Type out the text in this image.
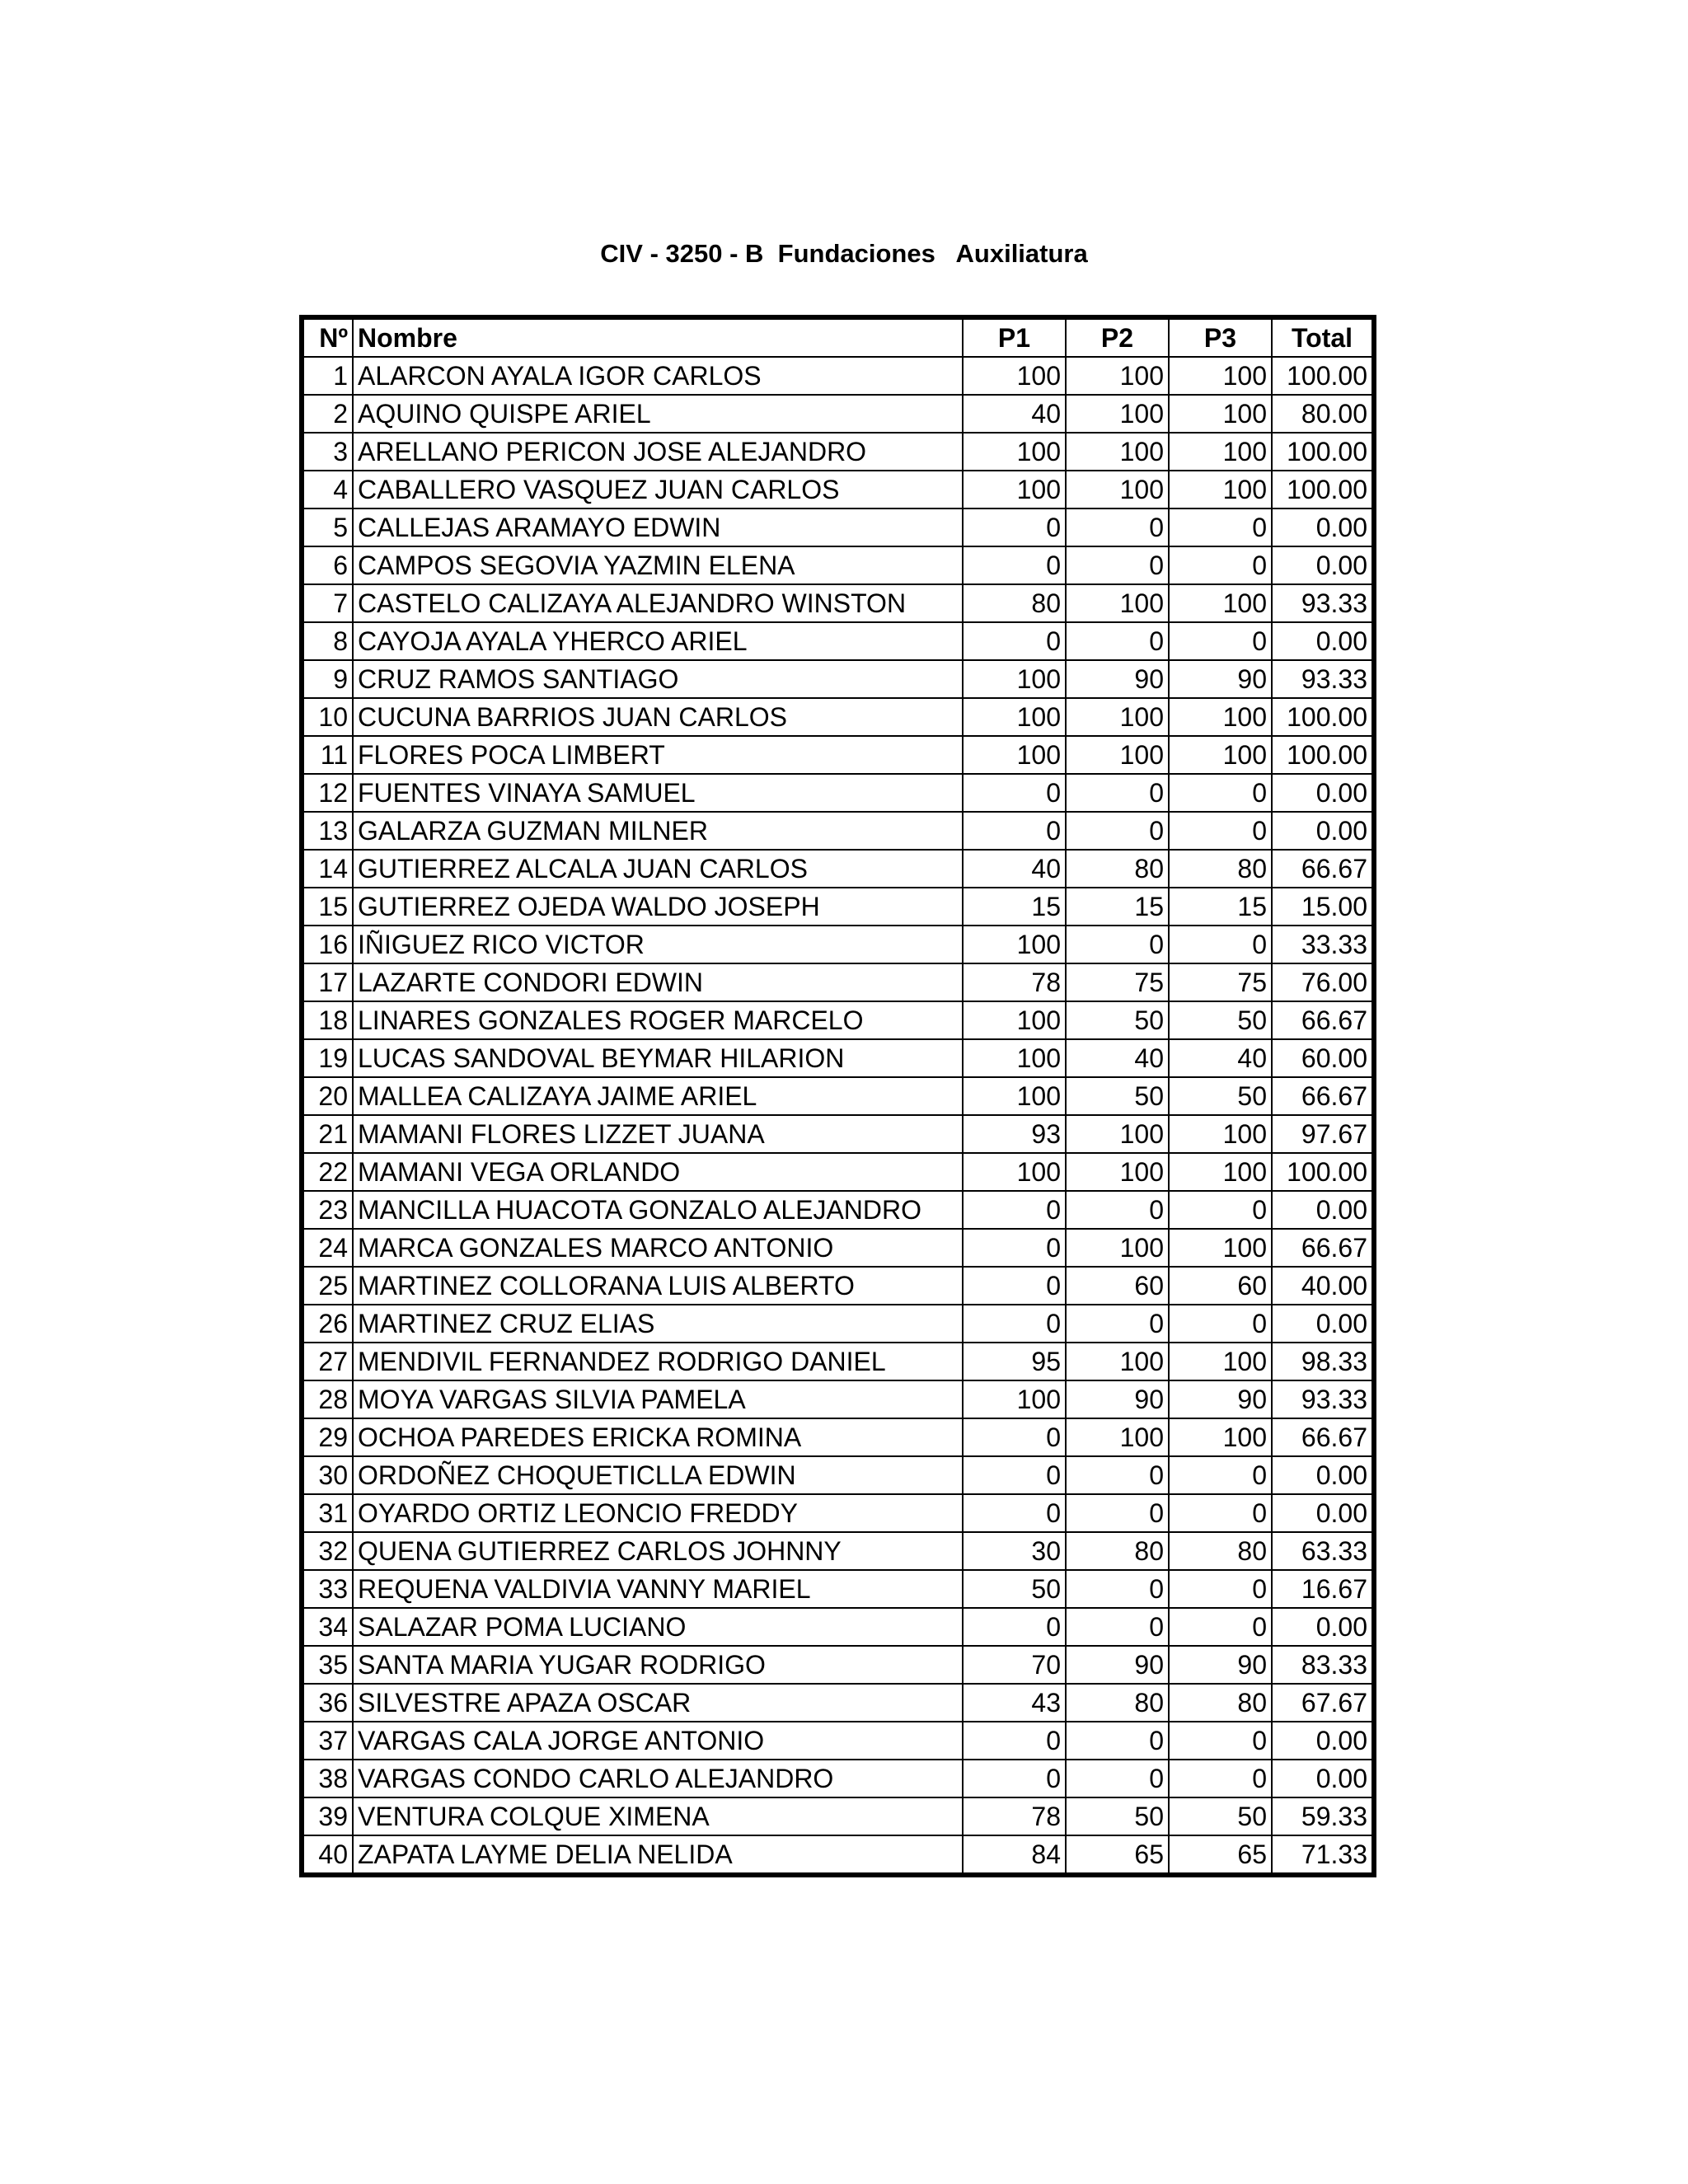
CIV - 3250 - B  Fundaciones   Auxiliatura
Nº	Nombre	P1	P2	P3	Total
1	ALARCON AYALA IGOR CARLOS	100	100	100	100.00
2	AQUINO QUISPE ARIEL	40	100	100	80.00
3	ARELLANO PERICON JOSE ALEJANDRO	100	100	100	100.00
4	CABALLERO VASQUEZ JUAN CARLOS	100	100	100	100.00
5	CALLEJAS ARAMAYO EDWIN	0	0	0	0.00
6	CAMPOS SEGOVIA YAZMIN ELENA	0	0	0	0.00
7	CASTELO CALIZAYA ALEJANDRO WINSTON	80	100	100	93.33
8	CAYOJA AYALA YHERCO ARIEL	0	0	0	0.00
9	CRUZ RAMOS SANTIAGO	100	90	90	93.33
10	CUCUNA BARRIOS JUAN CARLOS	100	100	100	100.00
11	FLORES POCA LIMBERT	100	100	100	100.00
12	FUENTES VINAYA SAMUEL	0	0	0	0.00
13	GALARZA GUZMAN MILNER	0	0	0	0.00
14	GUTIERREZ ALCALA JUAN CARLOS	40	80	80	66.67
15	GUTIERREZ OJEDA WALDO JOSEPH	15	15	15	15.00
16	IÑIGUEZ RICO VICTOR	100	0	0	33.33
17	LAZARTE CONDORI EDWIN	78	75	75	76.00
18	LINARES GONZALES ROGER MARCELO	100	50	50	66.67
19	LUCAS SANDOVAL BEYMAR HILARION	100	40	40	60.00
20	MALLEA CALIZAYA JAIME ARIEL	100	50	50	66.67
21	MAMANI FLORES LIZZET JUANA	93	100	100	97.67
22	MAMANI VEGA ORLANDO	100	100	100	100.00
23	MANCILLA HUACOTA GONZALO ALEJANDRO	0	0	0	0.00
24	MARCA GONZALES MARCO ANTONIO	0	100	100	66.67
25	MARTINEZ COLLORANA LUIS ALBERTO	0	60	60	40.00
26	MARTINEZ CRUZ ELIAS	0	0	0	0.00
27	MENDIVIL FERNANDEZ RODRIGO DANIEL	95	100	100	98.33
28	MOYA VARGAS SILVIA PAMELA	100	90	90	93.33
29	OCHOA PAREDES ERICKA ROMINA	0	100	100	66.67
30	ORDOÑEZ CHOQUETICLLA EDWIN	0	0	0	0.00
31	OYARDO ORTIZ LEONCIO FREDDY	0	0	0	0.00
32	QUENA GUTIERREZ CARLOS JOHNNY	30	80	80	63.33
33	REQUENA VALDIVIA VANNY MARIEL	50	0	0	16.67
34	SALAZAR POMA LUCIANO	0	0	0	0.00
35	SANTA MARIA YUGAR RODRIGO	70	90	90	83.33
36	SILVESTRE APAZA OSCAR	43	80	80	67.67
37	VARGAS CALA JORGE ANTONIO	0	0	0	0.00
38	VARGAS CONDO CARLO ALEJANDRO	0	0	0	0.00
39	VENTURA COLQUE XIMENA	78	50	50	59.33
40	ZAPATA LAYME DELIA NELIDA	84	65	65	71.33
